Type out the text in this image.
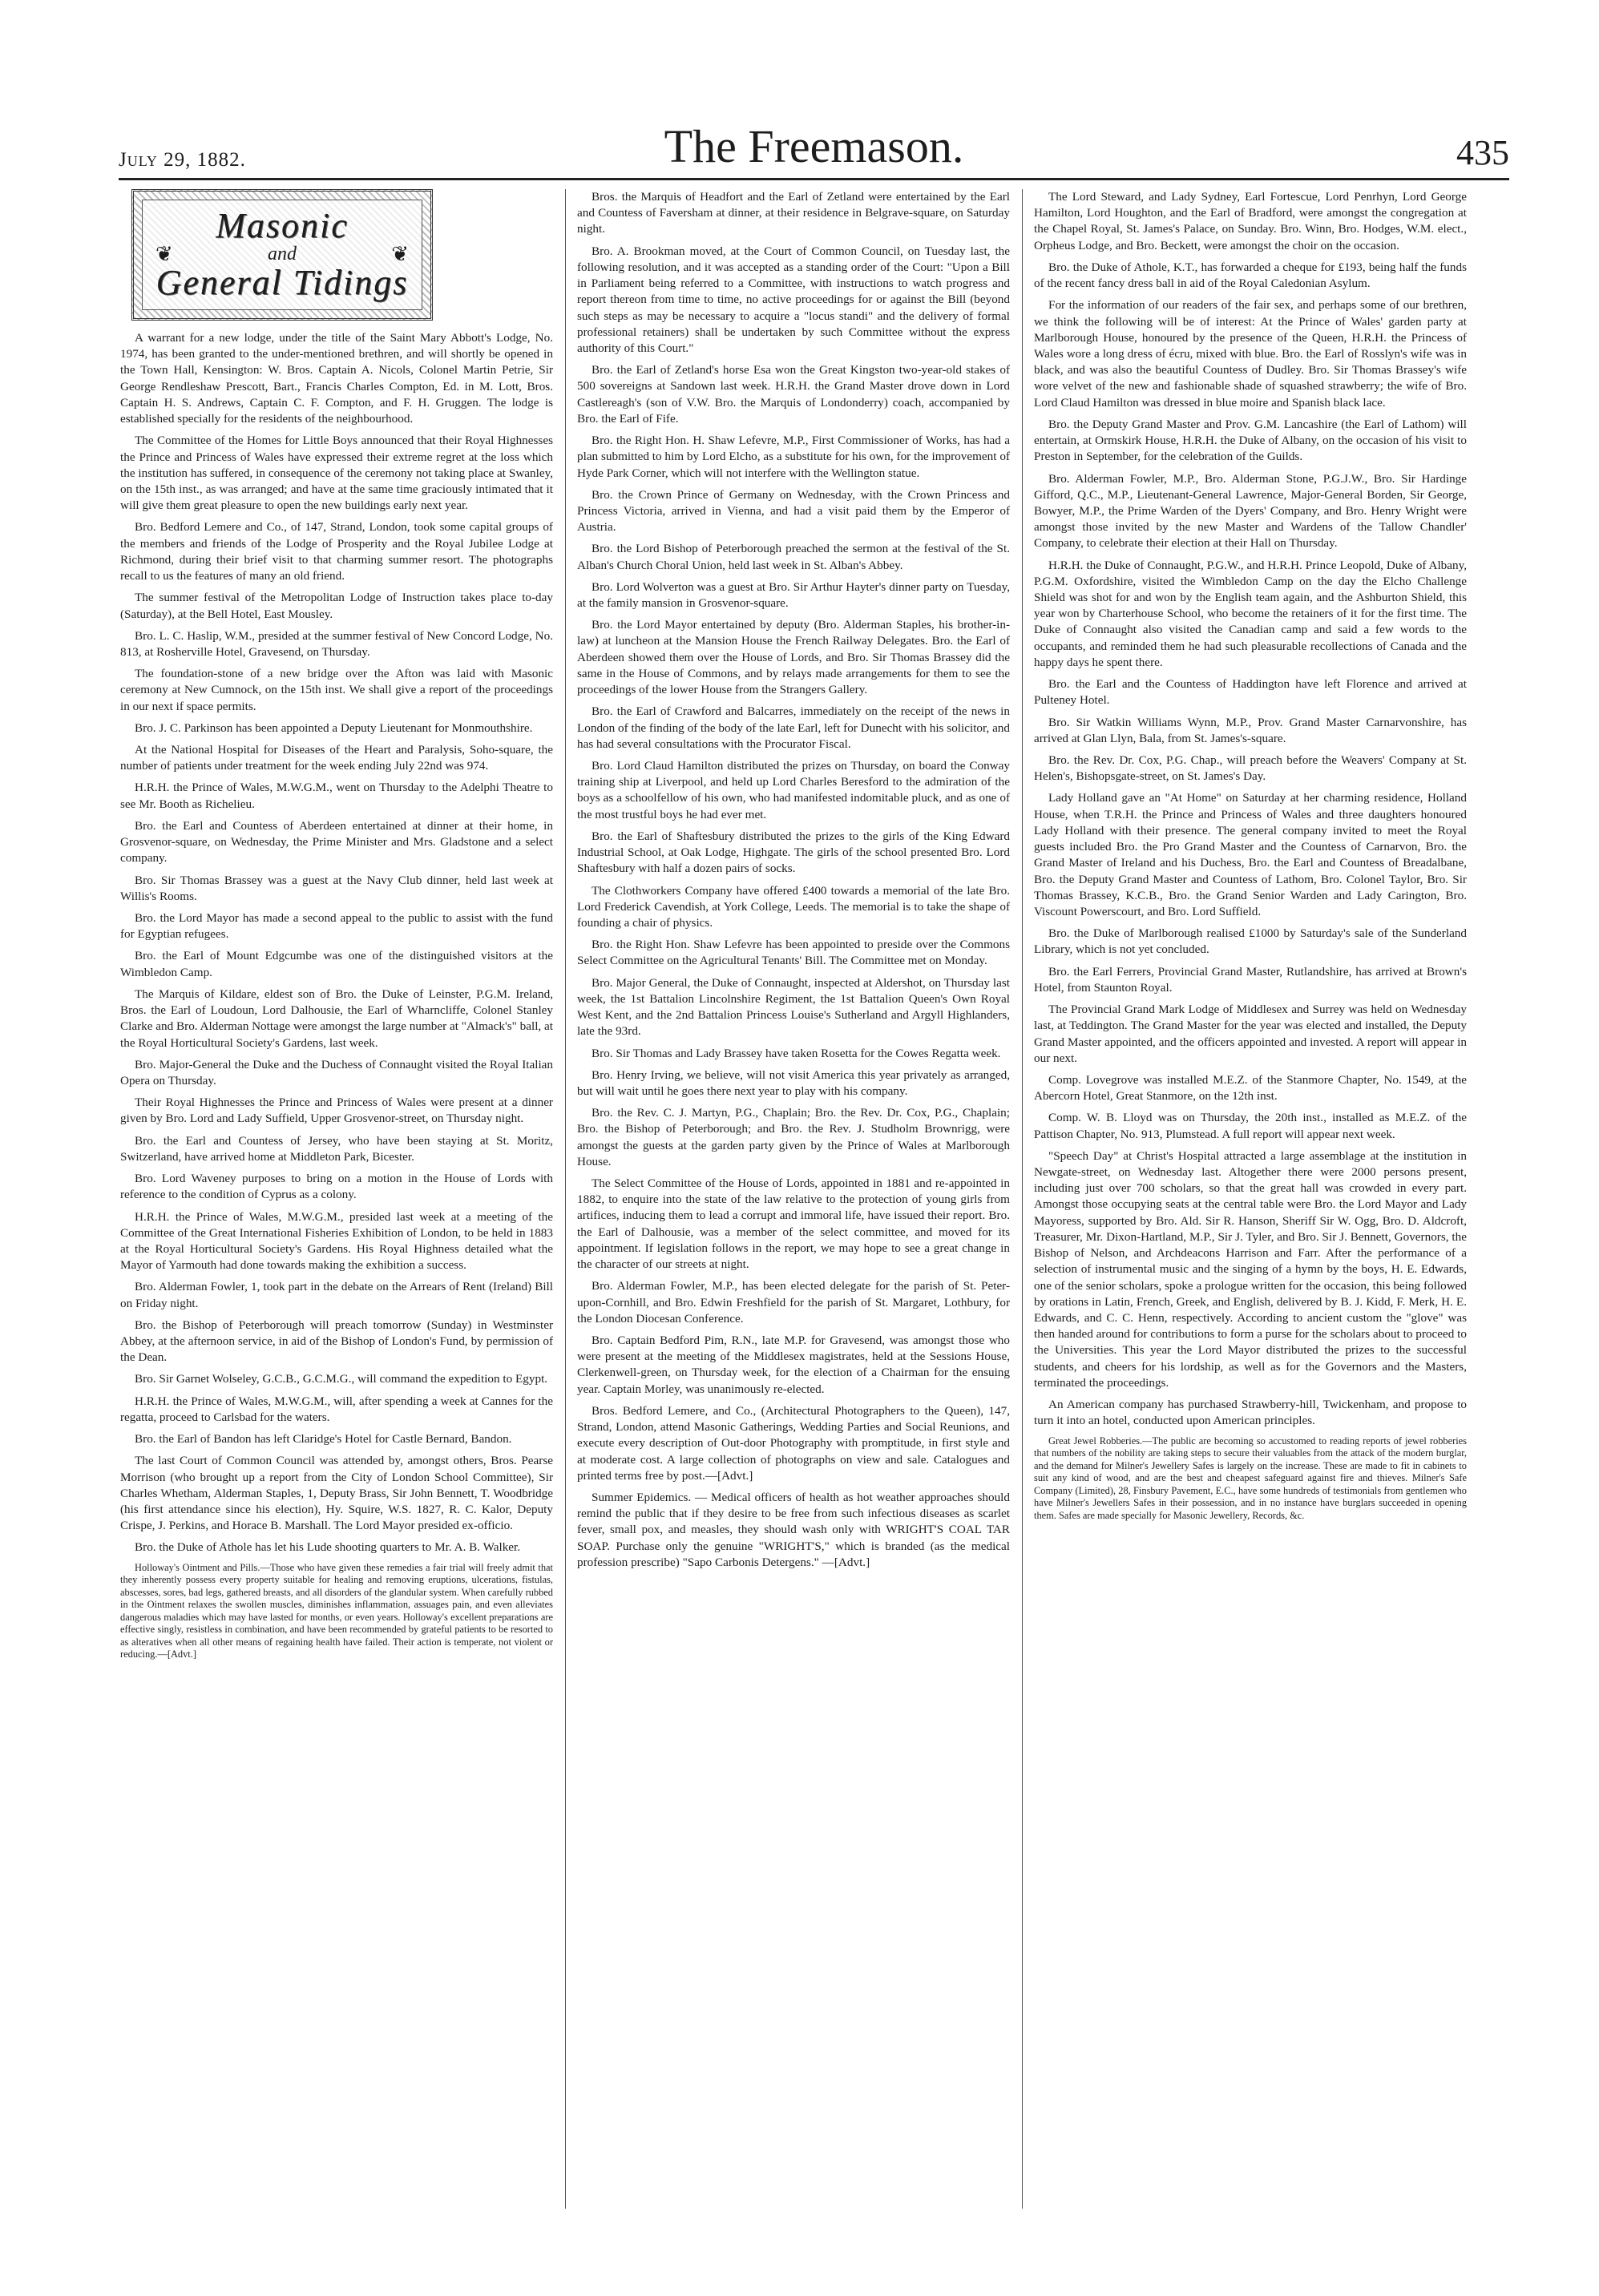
July 29, 1882.	The Freemason.	435
❦	❦
Masonic
and
General Tidings

A warrant for a new lodge, under the title of the Saint Mary Abbott's Lodge, No. 1974, has been granted to the under-mentioned brethren, and will shortly be opened in the Town Hall, Kensington: W. Bros. Captain A. Nicols, Colonel Martin Petrie, Sir George Rendleshaw Prescott, Bart., Francis Charles Compton, Ed. in M. Lott, Bros. Captain H. S. Andrews, Captain C. F. Compton, and F. H. Gruggen. The lodge is established specially for the residents of the neighbourhood.

The Committee of the Homes for Little Boys announced that their Royal Highnesses the Prince and Princess of Wales have expressed their extreme regret at the loss which the institution has suffered, in consequence of the ceremony not taking place at Swanley, on the 15th inst., as was arranged; and have at the same time graciously intimated that it will give them great pleasure to open the new buildings early next year.

Bro. Bedford Lemere and Co., of 147, Strand, London, took some capital groups of the members and friends of the Lodge of Prosperity and the Royal Jubilee Lodge at Richmond, during their brief visit to that charming summer resort. The photographs recall to us the features of many an old friend.

The summer festival of the Metropolitan Lodge of Instruction takes place to-day (Saturday), at the Bell Hotel, East Mousley.

Bro. L. C. Haslip, W.M., presided at the summer festival of New Concord Lodge, No. 813, at Rosherville Hotel, Gravesend, on Thursday.

The foundation-stone of a new bridge over the Afton was laid with Masonic ceremony at New Cumnock, on the 15th inst. We shall give a report of the proceedings in our next if space permits.

Bro. J. C. Parkinson has been appointed a Deputy Lieutenant for Monmouthshire.

At the National Hospital for Diseases of the Heart and Paralysis, Soho-square, the number of patients under treatment for the week ending July 22nd was 974.

H.R.H. the Prince of Wales, M.W.G.M., went on Thursday to the Adelphi Theatre to see Mr. Booth as Richelieu.

Bro. the Earl and Countess of Aberdeen entertained at dinner at their home, in Grosvenor-square, on Wednesday, the Prime Minister and Mrs. Gladstone and a select company.

Bro. Sir Thomas Brassey was a guest at the Navy Club dinner, held last week at Willis's Rooms.

Bro. the Lord Mayor has made a second appeal to the public to assist with the fund for Egyptian refugees.

Bro. the Earl of Mount Edgcumbe was one of the distinguished visitors at the Wimbledon Camp.

The Marquis of Kildare, eldest son of Bro. the Duke of Leinster, P.G.M. Ireland, Bros. the Earl of Loudoun, Lord Dalhousie, the Earl of Wharncliffe, Colonel Stanley Clarke and Bro. Alderman Nottage were amongst the large number at "Almack's" ball, at the Royal Horticultural Society's Gardens, last week.

Bro. Major-General the Duke and the Duchess of Connaught visited the Royal Italian Opera on Thursday.

Their Royal Highnesses the Prince and Princess of Wales were present at a dinner given by Bro. Lord and Lady Suffield, Upper Grosvenor-street, on Thursday night.

Bro. the Earl and Countess of Jersey, who have been staying at St. Moritz, Switzerland, have arrived home at Middleton Park, Bicester.

Bro. Lord Waveney purposes to bring on a motion in the House of Lords with reference to the condition of Cyprus as a colony.

H.R.H. the Prince of Wales, M.W.G.M., presided last week at a meeting of the Committee of the Great International Fisheries Exhibition of London, to be held in 1883 at the Royal Horticultural Society's Gardens. His Royal Highness detailed what the Mayor of Yarmouth had done towards making the exhibition a success.

Bro. Alderman Fowler, 1, took part in the debate on the Arrears of Rent (Ireland) Bill on Friday night.

Bro. the Bishop of Peterborough will preach tomorrow (Sunday) in Westminster Abbey, at the afternoon service, in aid of the Bishop of London's Fund, by permission of the Dean.

Bro. Sir Garnet Wolseley, G.C.B., G.C.M.G., will command the expedition to Egypt.

H.R.H. the Prince of Wales, M.W.G.M., will, after spending a week at Cannes for the regatta, proceed to Carlsbad for the waters.

Bro. the Earl of Bandon has left Claridge's Hotel for Castle Bernard, Bandon.

The last Court of Common Council was attended by, amongst others, Bros. Pearse Morrison (who brought up a report from the City of London School Committee), Sir Charles Whetham, Alderman Staples, 1, Deputy Brass, Sir John Bennett, T. Woodbridge (his first attendance since his election), Hy. Squire, W.S. 1827, R. C. Kalor, Deputy Crispe, J. Perkins, and Horace B. Marshall. The Lord Mayor presided ex-officio.

Bro. the Duke of Athole has let his Lude shooting quarters to Mr. A. B. Walker.

Holloway's Ointment and Pills.—Those who have given these remedies a fair trial will freely admit that they inherently possess every property suitable for healing and removing eruptions, ulcerations, fistulas, abscesses, sores, bad legs, gathered breasts, and all disorders of the glandular system. When carefully rubbed in the Ointment relaxes the swollen muscles, diminishes inflammation, assuages pain, and even alleviates dangerous maladies which may have lasted for months, or even years. Holloway's excellent preparations are effective singly, resistless in combination, and have been recommended by grateful patients to be resorted to as alteratives when all other means of regaining health have failed. Their action is temperate, not violent or reducing.—[Advt.]

Bros. the Marquis of Headfort and the Earl of Zetland were entertained by the Earl and Countess of Faversham at dinner, at their residence in Belgrave-square, on Saturday night.

Bro. A. Brookman moved, at the Court of Common Council, on Tuesday last, the following resolution, and it was accepted as a standing order of the Court: "Upon a Bill in Parliament being referred to a Committee, with instructions to watch progress and report thereon from time to time, no active proceedings for or against the Bill (beyond such steps as may be necessary to acquire a "locus standi" and the delivery of formal professional retainers) shall be undertaken by such Committee without the express authority of this Court."

Bro. the Earl of Zetland's horse Esa won the Great Kingston two-year-old stakes of 500 sovereigns at Sandown last week. H.R.H. the Grand Master drove down in Lord Castlereagh's (son of V.W. Bro. the Marquis of Londonderry) coach, accompanied by Bro. the Earl of Fife.

Bro. the Right Hon. H. Shaw Lefevre, M.P., First Commissioner of Works, has had a plan submitted to him by Lord Elcho, as a substitute for his own, for the improvement of Hyde Park Corner, which will not interfere with the Wellington statue.

Bro. the Crown Prince of Germany on Wednesday, with the Crown Princess and Princess Victoria, arrived in Vienna, and had a visit paid them by the Emperor of Austria.

Bro. the Lord Bishop of Peterborough preached the sermon at the festival of the St. Alban's Church Choral Union, held last week in St. Alban's Abbey.

Bro. Lord Wolverton was a guest at Bro. Sir Arthur Hayter's dinner party on Tuesday, at the family mansion in Grosvenor-square.

Bro. the Lord Mayor entertained by deputy (Bro. Alderman Staples, his brother-in-law) at luncheon at the Mansion House the French Railway Delegates. Bro. the Earl of Aberdeen showed them over the House of Lords, and Bro. Sir Thomas Brassey did the same in the House of Commons, and by relays made arrangements for them to see the proceedings of the lower House from the Strangers Gallery.

Bro. the Earl of Crawford and Balcarres, immediately on the receipt of the news in London of the finding of the body of the late Earl, left for Dunecht with his solicitor, and has had several consultations with the Procurator Fiscal.

Bro. Lord Claud Hamilton distributed the prizes on Thursday, on board the Conway training ship at Liverpool, and held up Lord Charles Beresford to the admiration of the boys as a schoolfellow of his own, who had manifested indomitable pluck, and as one of the most trustful boys he had ever met.

Bro. the Earl of Shaftesbury distributed the prizes to the girls of the King Edward Industrial School, at Oak Lodge, Highgate. The girls of the school presented Bro. Lord Shaftesbury with half a dozen pairs of socks.

The Clothworkers Company have offered £400 towards a memorial of the late Bro. Lord Frederick Cavendish, at York College, Leeds. The memorial is to take the shape of founding a chair of physics.

Bro. the Right Hon. Shaw Lefevre has been appointed to preside over the Commons Select Committee on the Agricultural Tenants' Bill. The Committee met on Monday.

Bro. Major General, the Duke of Connaught, inspected at Aldershot, on Thursday last week, the 1st Battalion Lincolnshire Regiment, the 1st Battalion Queen's Own Royal West Kent, and the 2nd Battalion Princess Louise's Sutherland and Argyll Highlanders, late the 93rd.

Bro. Sir Thomas and Lady Brassey have taken Rosetta for the Cowes Regatta week.

Bro. Henry Irving, we believe, will not visit America this year privately as arranged, but will wait until he goes there next year to play with his company.

Bro. the Rev. C. J. Martyn, P.G., Chaplain; Bro. the Rev. Dr. Cox, P.G., Chaplain; Bro. the Bishop of Peterborough; and Bro. the Rev. J. Studholm Brownrigg, were amongst the guests at the garden party given by the Prince of Wales at Marlborough House.

The Select Committee of the House of Lords, appointed in 1881 and re-appointed in 1882, to enquire into the state of the law relative to the protection of young girls from artifices, inducing them to lead a corrupt and immoral life, have issued their report. Bro. the Earl of Dalhousie, was a member of the select committee, and moved for its appointment. If legislation follows in the report, we may hope to see a great change in the character of our streets at night.

Bro. Alderman Fowler, M.P., has been elected delegate for the parish of St. Peter-upon-Cornhill, and Bro. Edwin Freshfield for the parish of St. Margaret, Lothbury, for the London Diocesan Conference.

Bro. Captain Bedford Pim, R.N., late M.P. for Gravesend, was amongst those who were present at the meeting of the Middlesex magistrates, held at the Sessions House, Clerkenwell-green, on Thursday week, for the election of a Chairman for the ensuing year. Captain Morley, was unanimously re-elected.

Bros. Bedford Lemere, and Co., (Architectural Photographers to the Queen), 147, Strand, London, attend Masonic Gatherings, Wedding Parties and Social Reunions, and execute every description of Out-door Photography with promptitude, in first style and at moderate cost. A large collection of photographs on view and sale. Catalogues and printed terms free by post.—[Advt.]

Summer Epidemics. — Medical officers of health as hot weather approaches should remind the public that if they desire to be free from such infectious diseases as scarlet fever, small pox, and measles, they should wash only with WRIGHT'S COAL TAR SOAP. Purchase only the genuine "WRIGHT'S," which is branded (as the medical profession prescribe) "Sapo Carbonis Detergens." —[Advt.]

The Lord Steward, and Lady Sydney, Earl Fortescue, Lord Penrhyn, Lord George Hamilton, Lord Houghton, and the Earl of Bradford, were amongst the congregation at the Chapel Royal, St. James's Palace, on Sunday. Bro. Winn, Bro. Hodges, W.M. elect., Orpheus Lodge, and Bro. Beckett, were amongst the choir on the occasion.

Bro. the Duke of Athole, K.T., has forwarded a cheque for £193, being half the funds of the recent fancy dress ball in aid of the Royal Caledonian Asylum.

For the information of our readers of the fair sex, and perhaps some of our brethren, we think the following will be of interest: At the Prince of Wales' garden party at Marlborough House, honoured by the presence of the Queen, H.R.H. the Princess of Wales wore a long dress of écru, mixed with blue. Bro. the Earl of Rosslyn's wife was in black, and was also the beautiful Countess of Dudley. Bro. Sir Thomas Brassey's wife wore velvet of the new and fashionable shade of squashed strawberry; the wife of Bro. Lord Claud Hamilton was dressed in blue moire and Spanish black lace.

Bro. the Deputy Grand Master and Prov. G.M. Lancashire (the Earl of Lathom) will entertain, at Ormskirk House, H.R.H. the Duke of Albany, on the occasion of his visit to Preston in September, for the celebration of the Guilds.

Bro. Alderman Fowler, M.P., Bro. Alderman Stone, P.G.J.W., Bro. Sir Hardinge Gifford, Q.C., M.P., Lieutenant-General Lawrence, Major-General Borden, Sir George, Bowyer, M.P., the Prime Warden of the Dyers' Company, and Bro. Henry Wright were amongst those invited by the new Master and Wardens of the Tallow Chandler' Company, to celebrate their election at their Hall on Thursday.

H.R.H. the Duke of Connaught, P.G.W., and H.R.H. Prince Leopold, Duke of Albany, P.G.M. Oxfordshire, visited the Wimbledon Camp on the day the Elcho Challenge Shield was shot for and won by the English team again, and the Ashburton Shield, this year won by Charterhouse School, who become the retainers of it for the first time. The Duke of Connaught also visited the Canadian camp and said a few words to the occupants, and reminded them he had such pleasurable recollections of Canada and the happy days he spent there.

Bro. the Earl and the Countess of Haddington have left Florence and arrived at Pulteney Hotel.

Bro. Sir Watkin Williams Wynn, M.P., Prov. Grand Master Carnarvonshire, has arrived at Glan Llyn, Bala, from St. James's-square.

Bro. the Rev. Dr. Cox, P.G. Chap., will preach before the Weavers' Company at St. Helen's, Bishopsgate-street, on St. James's Day.

Lady Holland gave an "At Home" on Saturday at her charming residence, Holland House, when T.R.H. the Prince and Princess of Wales and three daughters honoured Lady Holland with their presence. The general company invited to meet the Royal guests included Bro. the Pro Grand Master and the Countess of Carnarvon, Bro. the Grand Master of Ireland and his Duchess, Bro. the Earl and Countess of Breadalbane, Bro. the Deputy Grand Master and Countess of Lathom, Bro. Colonel Taylor, Bro. Sir Thomas Brassey, K.C.B., Bro. the Grand Senior Warden and Lady Carington, Bro. Viscount Powerscourt, and Bro. Lord Suffield.

Bro. the Duke of Marlborough realised £1000 by Saturday's sale of the Sunderland Library, which is not yet concluded.

Bro. the Earl Ferrers, Provincial Grand Master, Rutlandshire, has arrived at Brown's Hotel, from Staunton Royal.

The Provincial Grand Mark Lodge of Middlesex and Surrey was held on Wednesday last, at Teddington. The Grand Master for the year was elected and installed, the Deputy Grand Master appointed, and the officers appointed and invested. A report will appear in our next.

Comp. Lovegrove was installed M.E.Z. of the Stanmore Chapter, No. 1549, at the Abercorn Hotel, Great Stanmore, on the 12th inst.

Comp. W. B. Lloyd was on Thursday, the 20th inst., installed as M.E.Z. of the Pattison Chapter, No. 913, Plumstead. A full report will appear next week.

"Speech Day" at Christ's Hospital attracted a large assemblage at the institution in Newgate-street, on Wednesday last. Altogether there were 2000 persons present, including just over 700 scholars, so that the great hall was crowded in every part. Amongst those occupying seats at the central table were Bro. the Lord Mayor and Lady Mayoress, supported by Bro. Ald. Sir R. Hanson, Sheriff Sir W. Ogg, Bro. D. Aldcroft, Treasurer, Mr. Dixon-Hartland, M.P., Sir J. Tyler, and Bro. Sir J. Bennett, Governors, the Bishop of Nelson, and Archdeacons Harrison and Farr. After the performance of a selection of instrumental music and the singing of a hymn by the boys, H. E. Edwards, one of the senior scholars, spoke a prologue written for the occasion, this being followed by orations in Latin, French, Greek, and English, delivered by B. J. Kidd, F. Merk, H. E. Edwards, and C. C. Henn, respectively. According to ancient custom the "glove" was then handed around for contributions to form a purse for the scholars about to proceed to the Universities. This year the Lord Mayor distributed the prizes to the successful students, and cheers for his lordship, as well as for the Governors and the Masters, terminated the proceedings.

An American company has purchased Strawberry-hill, Twickenham, and propose to turn it into an hotel, conducted upon American principles.

Great Jewel Robberies.—The public are becoming so accustomed to reading reports of jewel robberies that numbers of the nobility are taking steps to secure their valuables from the attack of the modern burglar, and the demand for Milner's Jewellery Safes is largely on the increase. These are made to fit in cabinets to suit any kind of wood, and are the best and cheapest safeguard against fire and thieves. Milner's Safe Company (Limited), 28, Finsbury Pavement, E.C., have some hundreds of testimonials from gentlemen who have Milner's Jewellers Safes in their possession, and in no instance have burglars succeeded in opening them. Safes are made specially for Masonic Jewellery, Records, &c.
